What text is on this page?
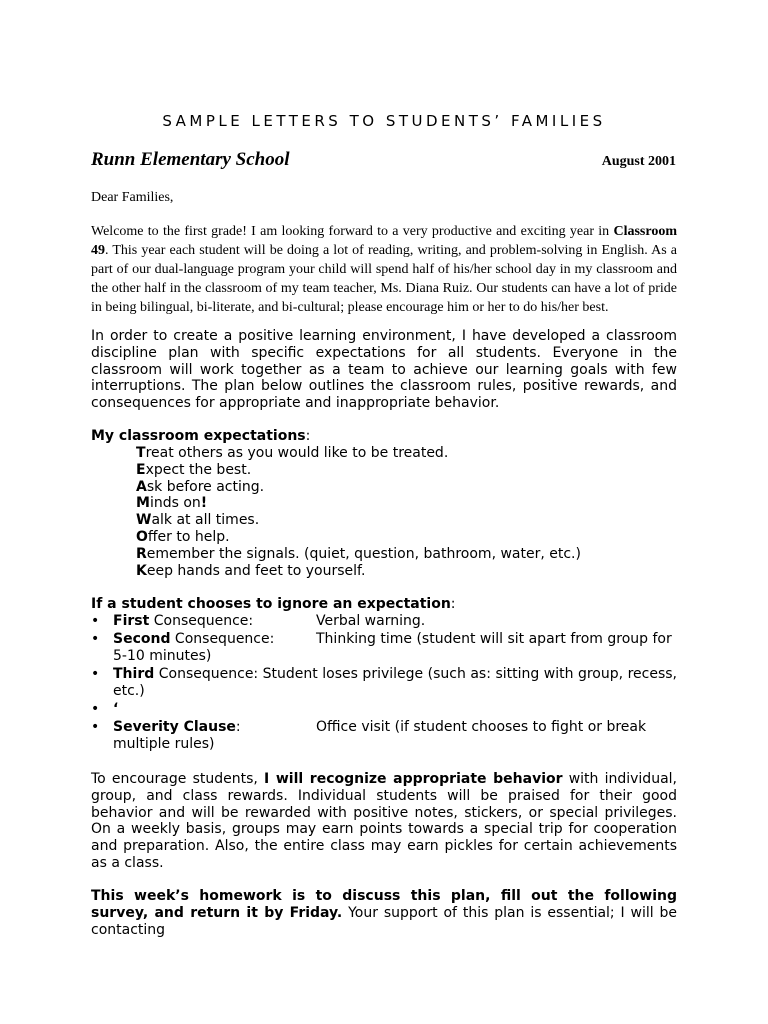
SAMPLE LETTERS TO STUDENTS’ FAMILIES
Runn Elementary School	August 2001
Dear Families,

Welcome to the first grade! I am looking forward to a very productive and exciting year in Classroom 49. This year each student will be doing a lot of reading, writing, and problem-solving in English. As a part of our dual-language program your child will spend half of his/her school day in my classroom and the other half in the classroom of my team teacher, Ms. Diana Ruiz. Our students can have a lot of pride in being bilingual, bi-literate, and bi-cultural; please encourage him or her to do his/her best.

In order to create a positive learning environment, I have developed a classroom discipline plan with specific expectations for all students. Everyone in the classroom will work together as a team to achieve our learning goals with few interruptions. The plan below outlines the classroom rules, positive rewards, and consequences for appropriate and inappropriate behavior.

My classroom expectations:

Treat others as you would like to be treated.
Expect the best.
Ask before acting.
Minds on!
Walk at all times.
Offer to help.
Remember the signals. (quiet, question, bathroom, water, etc.)
Keep hands and feet to yourself.

If a student chooses to ignore an expectation:

• First Consequence:	Verbal warning.
• Second Consequence:	Thinking time (student will sit apart from group for
5-10 minutes)
• Third Consequence: Student loses privilege (such as: sitting with group, recess, etc.)
• ‘
• Severity Clause:	Office visit (if student chooses to fight or break
multiple rules)

To encourage students, I will recognize appropriate behavior with individual, group, and class rewards. Individual students will be praised for their good behavior and will be rewarded with positive notes, stickers, or special privileges. On a weekly basis, groups may earn points towards a special trip for cooperation and preparation. Also, the entire class may earn pickles for certain achievements as a class.

This week’s homework is to discuss this plan, fill out the following survey, and return it by Friday. Your support of this plan is essential; I will be contacting
